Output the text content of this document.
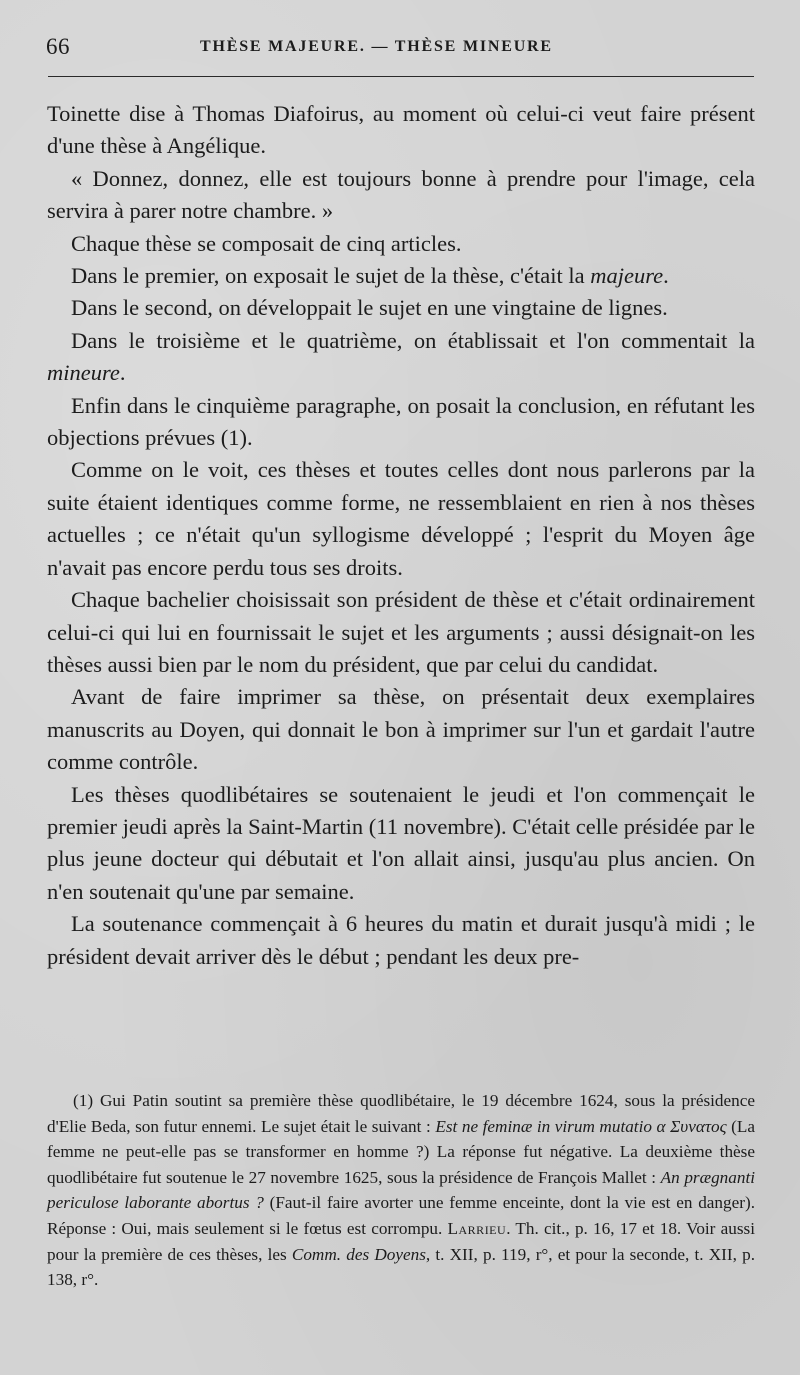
66	THÈSE MAJEURE. — THÈSE MINEURE

Toinette dise à Thomas Diafoirus, au moment où celui-ci veut faire présent d'une thèse à Angélique.

« Donnez, donnez, elle est toujours bonne à prendre pour l'image, cela servira à parer notre chambre. »

Chaque thèse se composait de cinq articles.

Dans le premier, on exposait le sujet de la thèse, c'était la majeure.

Dans le second, on développait le sujet en une vingtaine de lignes.

Dans le troisième et le quatrième, on établissait et l'on commentait la mineure.

Enfin dans le cinquième paragraphe, on posait la conclusion, en réfutant les objections prévues (1).

Comme on le voit, ces thèses et toutes celles dont nous parlerons par la suite étaient identiques comme forme, ne ressemblaient en rien à nos thèses actuelles ; ce n'était qu'un syllogisme développé ; l'esprit du Moyen âge n'avait pas encore perdu tous ses droits.

Chaque bachelier choisissait son président de thèse et c'était ordinairement celui-ci qui lui en fournissait le sujet et les arguments ; aussi désignait-on les thèses aussi bien par le nom du président, que par celui du candidat.

Avant de faire imprimer sa thèse, on présentait deux exemplaires manuscrits au Doyen, qui donnait le bon à imprimer sur l'un et gardait l'autre comme contrôle.

Les thèses quodlibétaires se soutenaient le jeudi et l'on commençait le premier jeudi après la Saint-Martin (11 novembre). C'était celle présidée par le plus jeune docteur qui débutait et l'on allait ainsi, jusqu'au plus ancien. On n'en soutenait qu'une par semaine.

La soutenance commençait à 6 heures du matin et durait jusqu'à midi ; le président devait arriver dès le début ; pendant les deux pre-

(1) Gui Patin soutint sa première thèse quodlibétaire, le 19 décembre 1624, sous la présidence d'Elie Beda, son futur ennemi. Le sujet était le suivant : Est ne feminæ in virum mutatio α Συνατος (La femme ne peut-elle pas se transformer en homme ?) La réponse fut négative. La deuxième thèse quodlibétaire fut soutenue le 27 novembre 1625, sous la présidence de François Mallet : An prægnanti periculose laborante abortus ? (Faut-il faire avorter une femme enceinte, dont la vie est en danger). Réponse : Oui, mais seulement si le fœtus est corrompu. Larrieu. Th. cit., p. 16, 17 et 18. Voir aussi pour la première de ces thèses, les Comm. des Doyens, t. XII, p. 119, r°, et pour la seconde, t. XII, p. 138, r°.
